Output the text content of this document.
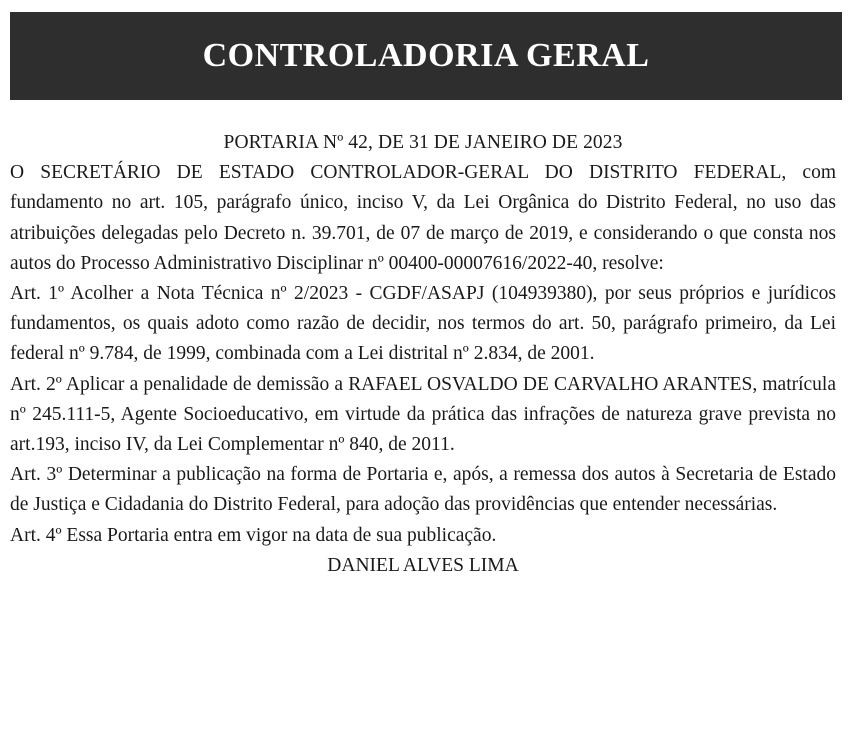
CONTROLADORIA GERAL

PORTARIA Nº 42, DE 31 DE JANEIRO DE 2023

O SECRETÁRIO DE ESTADO CONTROLADOR-GERAL DO DISTRITO FEDERAL, com fundamento no art. 105, parágrafo único, inciso V, da Lei Orgânica do Distrito Federal, no uso das atribuições delegadas pelo Decreto n. 39.701, de 07 de março de 2019, e considerando o que consta nos autos do Processo Administrativo Disciplinar nº 00400-00007616/2022-40, resolve:

Art. 1º Acolher a Nota Técnica nº 2/2023 - CGDF/ASAPJ (104939380), por seus próprios e jurídicos fundamentos, os quais adoto como razão de decidir, nos termos do art. 50, parágrafo primeiro, da Lei federal nº 9.784, de 1999, combinada com a Lei distrital nº 2.834, de 2001.

Art. 2º Aplicar a penalidade de demissão a RAFAEL OSVALDO DE CARVALHO ARANTES, matrícula nº 245.111-5, Agente Socioeducativo, em virtude da prática das infrações de natureza grave prevista no art.193, inciso IV, da Lei Complementar nº 840, de 2011.

Art. 3º Determinar a publicação na forma de Portaria e, após, a remessa dos autos à Secretaria de Estado de Justiça e Cidadania do Distrito Federal, para adoção das providências que entender necessárias.

Art. 4º Essa Portaria entra em vigor na data de sua publicação.

DANIEL ALVES LIMA
